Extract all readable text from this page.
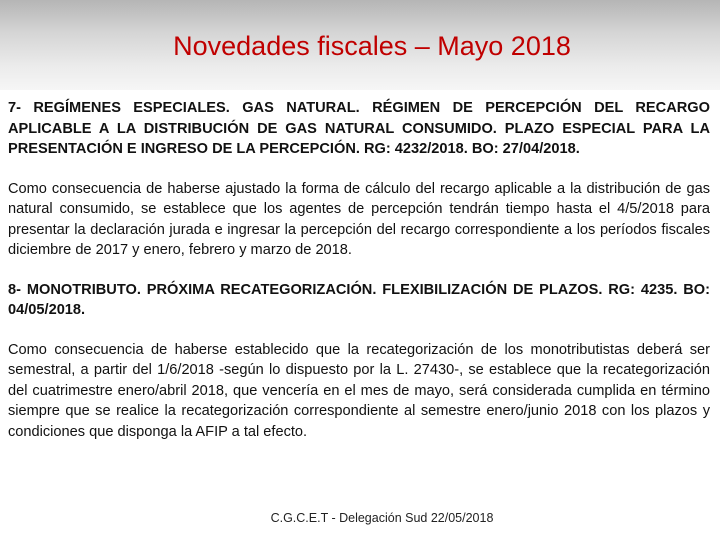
Novedades fiscales – Mayo 2018

7- REGÍMENES ESPECIALES. GAS NATURAL. RÉGIMEN DE PERCEPCIÓN DEL RECARGO APLICABLE A LA DISTRIBUCIÓN DE GAS NATURAL CONSUMIDO. PLAZO ESPECIAL PARA LA PRESENTACIÓN E INGRESO DE LA PERCEPCIÓN. RG: 4232/2018. BO: 27/04/2018.

Como consecuencia de haberse ajustado la forma de cálculo del recargo aplicable a la distribución de gas natural consumido, se establece que los agentes de percepción tendrán tiempo hasta el 4/5/2018 para presentar la declaración jurada e ingresar la percepción del recargo correspondiente a los períodos fiscales diciembre de 2017 y enero, febrero y marzo de 2018.

8- MONOTRIBUTO. PRÓXIMA RECATEGORIZACIÓN. FLEXIBILIZACIÓN DE PLAZOS. RG: 4235. BO: 04/05/2018.

Como consecuencia de haberse establecido que la recategorización de los monotributistas deberá ser semestral, a partir del 1/6/2018 -según lo dispuesto por la L. 27430-, se establece que la recategorización del cuatrimestre enero/abril 2018, que vencería en el mes de mayo, será considerada cumplida en término siempre que se realice la recategorización correspondiente al semestre enero/junio 2018 con los plazos y condiciones que disponga la AFIP a tal efecto.

C.G.C.E.T - Delegación Sud 22/05/2018
